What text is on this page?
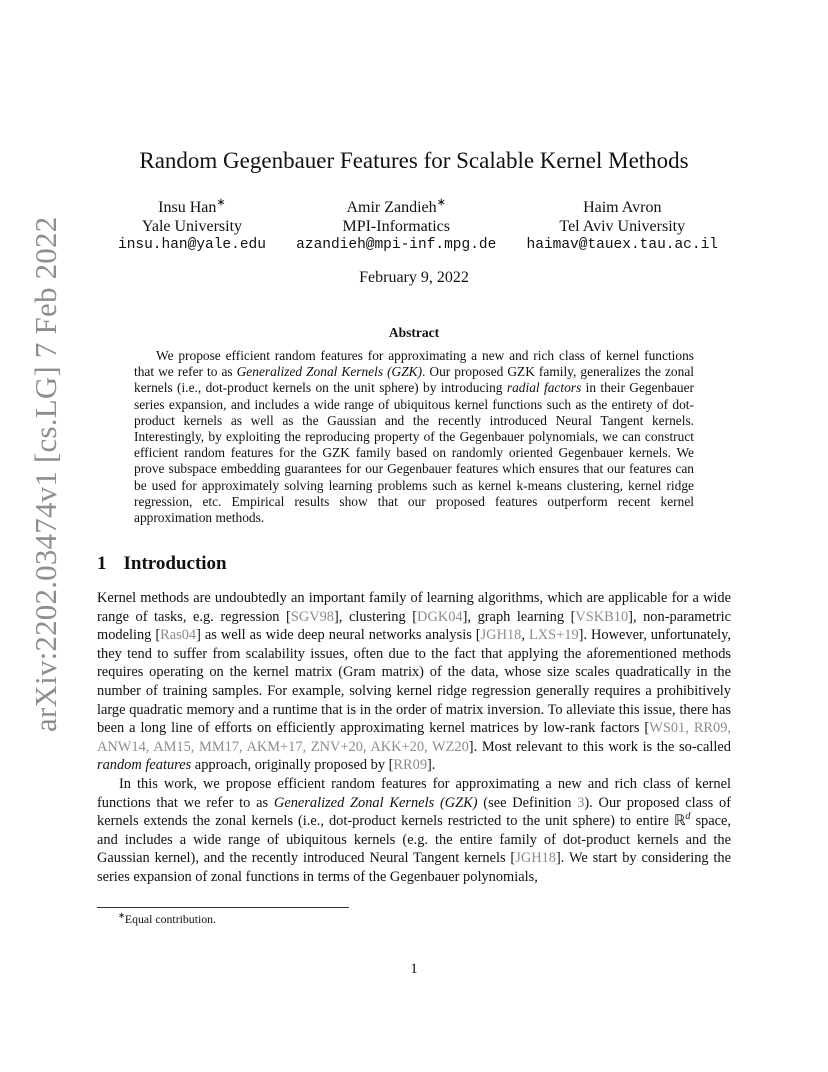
arXiv:2202.03474v1 [cs.LG] 7 Feb 2022
Random Gegenbauer Features for Scalable Kernel Methods
Insu Han∗
Yale University
insu.han@yale.edu
Amir Zandieh∗
MPI-Informatics
azandieh@mpi-inf.mpg.de
Haim Avron
Tel Aviv University
haimav@tauex.tau.ac.il
February 9, 2022
Abstract
We propose efficient random features for approximating a new and rich class of kernel functions that we refer to as Generalized Zonal Kernels (GZK). Our proposed GZK family, generalizes the zonal kernels (i.e., dot-product kernels on the unit sphere) by introducing radial factors in their Gegenbauer series expansion, and includes a wide range of ubiquitous kernel functions such as the entirety of dot-product kernels as well as the Gaussian and the recently introduced Neural Tangent kernels. Interestingly, by exploiting the reproducing property of the Gegenbauer polynomials, we can construct efficient random features for the GZK family based on randomly oriented Gegenbauer kernels. We prove subspace embedding guarantees for our Gegenbauer features which ensures that our features can be used for approximately solving learning problems such as kernel k-means clustering, kernel ridge regression, etc. Empirical results show that our proposed features outperform recent kernel approximation methods.
1 Introduction

Kernel methods are undoubtedly an important family of learning algorithms, which are applicable for a wide range of tasks, e.g. regression [SGV98], clustering [DGK04], graph learning [VSKB10], non-parametric modeling [Ras04] as well as wide deep neural networks analysis [JGH18, LXS+19]. However, unfortunately, they tend to suffer from scalability issues, often due to the fact that applying the aforementioned methods requires operating on the kernel matrix (Gram matrix) of the data, whose size scales quadratically in the number of training samples. For example, solving kernel ridge regression generally requires a prohibitively large quadratic memory and a runtime that is in the order of matrix inversion. To alleviate this issue, there has been a long line of efforts on efficiently approximating kernel matrices by low-rank factors [WS01, RR09, ANW14, AM15, MM17, AKM+17, ZNV+20, AKK+20, WZ20]. Most relevant to this work is the so-called random features approach, originally proposed by [RR09].

In this work, we propose efficient random features for approximating a new and rich class of kernel functions that we refer to as Generalized Zonal Kernels (GZK) (see Definition 3). Our proposed class of kernels extends the zonal kernels (i.e., dot-product kernels restricted to the unit sphere) to entire ℝ$^d$ space, and includes a wide range of ubiquitous kernels (e.g. the entire family of dot-product kernels and the Gaussian kernel), and the recently introduced Neural Tangent kernels [JGH18]. We start by considering the series expansion of zonal functions in terms of the Gegenbauer polynomials,

∗Equal contribution.
1
